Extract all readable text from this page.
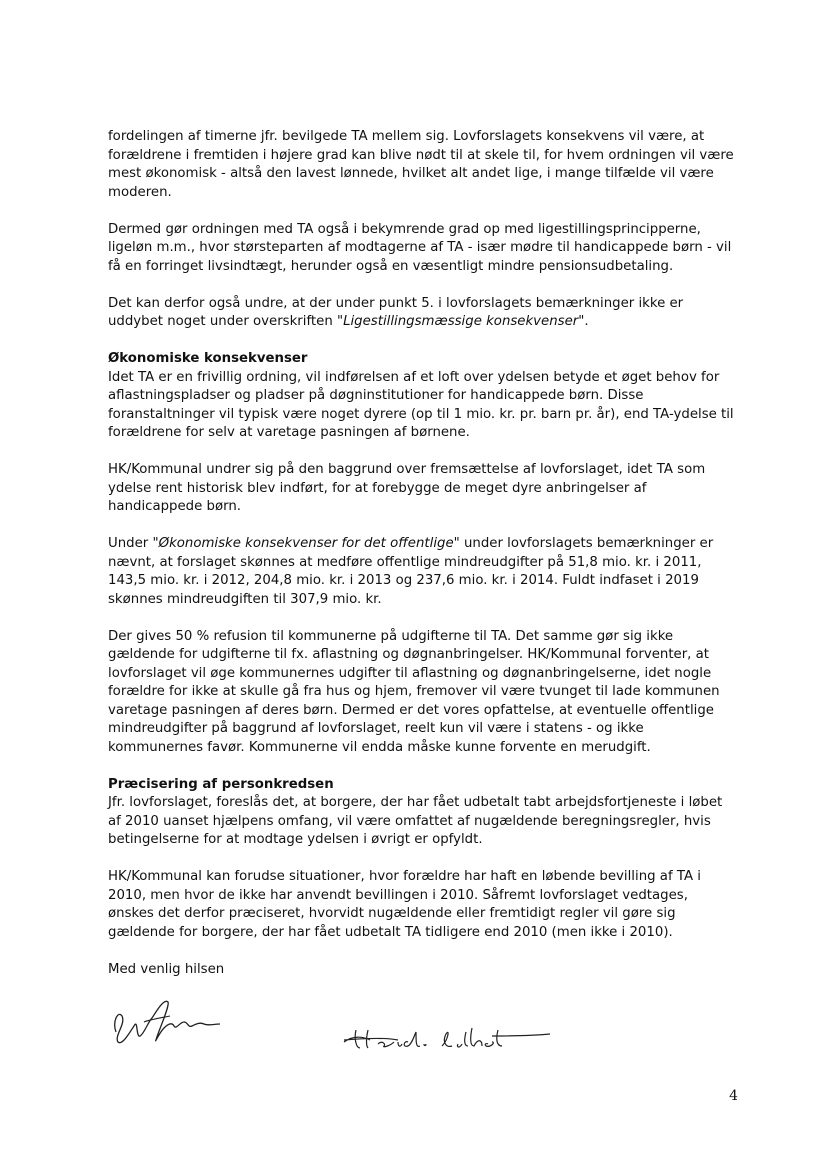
fordelingen af timerne jfr. bevilgede TA mellem sig. Lovforslagets konsekvens vil være, at forældrene i fremtiden i højere grad kan blive nødt til at skele til, for hvem ordningen vil være mest økonomisk - altså den lavest lønnede, hvilket alt andet lige, i mange tilfælde vil være moderen.

Dermed gør ordningen med TA også i bekymrende grad op med ligestillingsprincipperne, ligeløn m.m., hvor størsteparten af modtagerne af TA - især mødre til handicappede børn - vil få en forringet livsindtægt, herunder også en væsentligt mindre pensionsudbetaling.

Det kan derfor også undre, at der under punkt 5. i lovforslagets bemærkninger ikke er uddybet noget under overskriften "Ligestillingsmæssige konsekvenser".

Økonomiske konsekvenser

Idet TA er en frivillig ordning, vil indførelsen af et loft over ydelsen betyde et øget behov for aflastningspladser og pladser på døgninstitutioner for handicappede børn. Disse foranstaltninger vil typisk være noget dyrere (op til 1 mio. kr. pr. barn pr. år), end TA-ydelse til forældrene for selv at varetage pasningen af børnene.

HK/Kommunal undrer sig på den baggrund over fremsættelse af lovforslaget, idet TA som ydelse rent historisk blev indført, for at forebygge de meget dyre anbringelser af handicappede børn.

Under "Økonomiske konsekvenser for det offentlige" under lovforslagets bemærkninger er nævnt, at forslaget skønnes at medføre offentlige mindreudgifter på 51,8 mio. kr. i 2011, 143,5 mio. kr. i 2012, 204,8 mio. kr. i 2013 og 237,6 mio. kr. i 2014. Fuldt indfaset i 2019 skønnes mindreudgiften til 307,9 mio. kr.

Der gives 50 % refusion til kommunerne på udgifterne til TA. Det samme gør sig ikke gældende for udgifterne til fx. aflastning og døgnanbringelser. HK/Kommunal forventer, at lovforslaget vil øge kommunernes udgifter til aflastning og døgnanbringelserne, idet nogle forældre for ikke at skulle gå fra hus og hjem, fremover vil være tvunget til lade kommunen varetage pasningen af deres børn. Dermed er det vores opfattelse, at eventuelle offentlige mindreudgifter på baggrund af lovforslaget, reelt kun vil være i statens - og ikke kommunernes favør. Kommunerne vil endda måske kunne forvente en merudgift.

Præcisering af personkredsen

Jfr. lovforslaget, foreslås det, at borgere, der har fået udbetalt tabt arbejdsfortjeneste i løbet af 2010 uanset hjælpens omfang, vil være omfattet af nugældende beregningsregler, hvis betingelserne for at modtage ydelsen i øvrigt er opfyldt.

HK/Kommunal kan forudse situationer, hvor forældre har haft en løbende bevilling af TA i 2010, men hvor de ikke har anvendt bevillingen i 2010. Såfremt lovforslaget vedtages, ønskes det derfor præciseret, hvorvidt nugældende eller fremtidigt regler vil gøre sig gældende for borgere, der har fået udbetalt TA tidligere end 2010 (men ikke i 2010).

Med venlig hilsen

4
